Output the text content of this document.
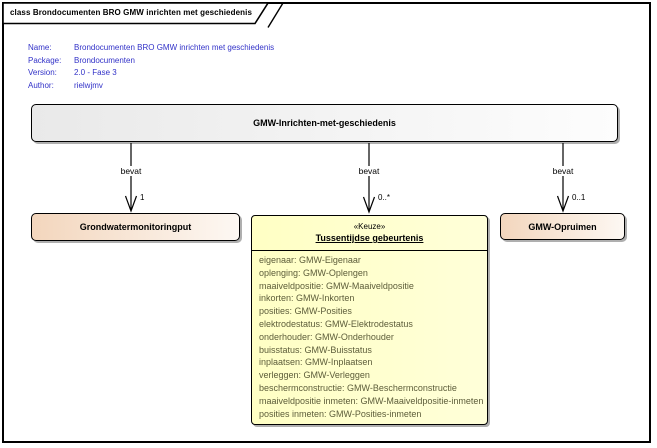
class Brondocumenten BRO GMW inrichten met geschiedenis
Name:	Brondocumenten BRO GMW inrichten met geschiedenis
Package:	Brondocumenten
Version:	2.0 - Fase 3
Author:	rielwjmv
GMW-Inrichten-met-geschiedenis
bevat	bevat	bevat
1	0..*	0..1
Grondwatermonitoringput	«Keuze»
Tussentijdse gebeurtenis
eigenaar: GMW-Eigenaar
oplenging: GMW-Oplengen
maaiveldpositie: GMW-Maaiveldpositie
inkorten: GMW-Inkorten
posities: GMW-Posities
elektrodestatus: GMW-Elektrodestatus
onderhouder: GMW-Onderhouder
buisstatus: GMW-Buisstatus
inplaatsen: GMW-Inplaatsen
verleggen: GMW-Verleggen
beschermconstructie: GMW-Beschermconstructie
maaiveldpositie inmeten: GMW-Maaiveldpositie-inmeten
posities inmeten: GMW-Posities-inmeten
GMW-Opruimen
